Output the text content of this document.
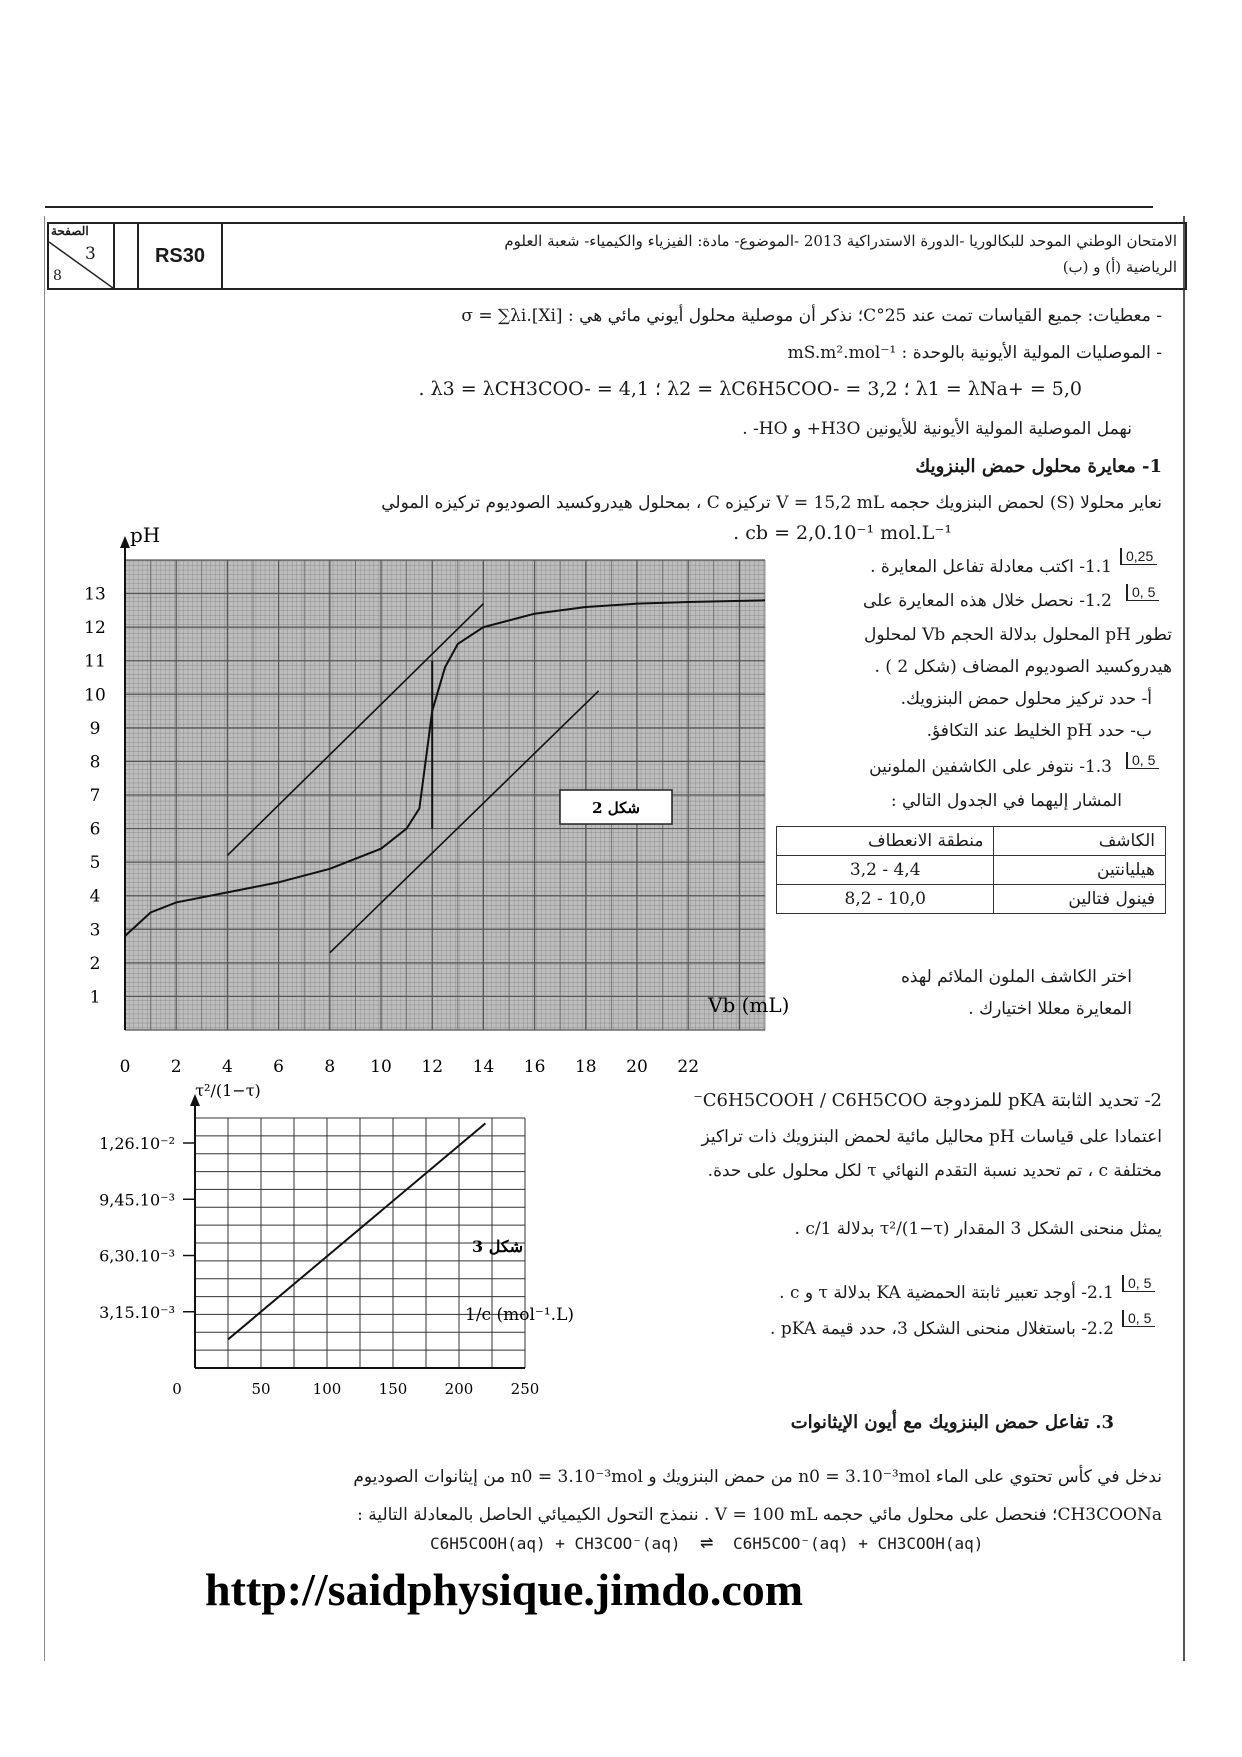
الصفحة
3
8
RS30
الامتحان الوطني الموحد للبكالوريا -الدورة الاستدراكية 2013 -الموضوع- مادة: الفيزياء والكيمياء- شعبة العلوم
الرياضية (أ) و (ب)
- معطيات: جميع القياسات تمت عند 25°C؛ نذكر أن موصلية محلول أيوني مائي هي : σ = ∑λi.[Xi]
- الموصليات المولية الأيونية بالوحدة : mS.m².mol⁻¹
λ1 = λNa+ = 5,0 ؛ λ2 = λC6H5COO- = 3,2 ؛ λ3 = λCH3COO- = 4,1 .
نهمل الموصلية المولية الأيونية للأيونين H3O+ و HO- .
1- معايرة محلول حمض البنزويك
نعاير محلولا (S) لحمض البنزويك حجمه V = 15,2 mL تركيزه C ، بمحلول هيدروكسيد الصوديوم تركيزه المولي
cb = 2,0.10⁻¹ mol.L⁻¹ .
0,25
1.1- اكتب معادلة تفاعل المعايرة .
0, 5
1.2- نحصل خلال هذه المعايرة على
تطور pH المحلول بدلالة الحجم Vb لمحلول
هيدروكسيد الصوديوم المضاف (شكل 2 ) .
أ- حدد تركيز محلول حمض البنزويك.
ب- حدد pH الخليط عند التكافؤ.
0, 5
1.3- نتوفر على الكاشفين الملونين
المشار إليهما في الجدول التالي :
الكاشف	منطقة الانعطاف
هيليانتين	3,2 - 4,4
فينول فتالين	8,2 - 10,0
اختر الكاشف الملون الملائم لهذه
المعايرة معللا اختيارك .
pH
Vb (mL)
شكل 2
1
2
3
4
5
6
7
8
9
10
11
12
13
0 2 4 6 8 10 12 14 16 18 20 22
2- تحديد الثابتة pKA للمزدوجة C6H5COOH / C6H5COO⁻
اعتمادا على قياسات pH محاليل مائية لحمض البنزويك ذات تراكيز
مختلفة c ، تم تحديد نسبة التقدم النهائي τ لكل محلول على حدة.
يمثل منحنى الشكل 3 المقدار τ²/(1−τ) بدلالة 1/c .
0, 5
2.1- أوجد تعبير ثابتة الحمضية KA بدلالة τ و c .
0, 5
2.2- باستغلال منحنى الشكل 3، حدد قيمة pKA .
τ²/(1−τ)
شكل 3
1/c (mol⁻¹.L)
3,15.10⁻³
6,30.10⁻³
9,45.10⁻³
1,26.10⁻²
0	50	100 150 200 250
3. تفاعل حمض البنزويك مع أيون الإيثانوات
ندخل في كأس تحتوي على الماء n0 = 3.10⁻³mol من حمض البنزويك و n0 = 3.10⁻³mol من إيثانوات الصوديوم
CH3COONa؛ فنحصل على محلول مائي حجمه V = 100 mL . ننمذج التحول الكيميائي الحاصل بالمعادلة التالية :
C6H5COOH(aq) + CH3COO⁻(aq) ⇌ C6H5COO⁻(aq) + CH3COOH(aq)
http://saidphysique.jimdo.com
